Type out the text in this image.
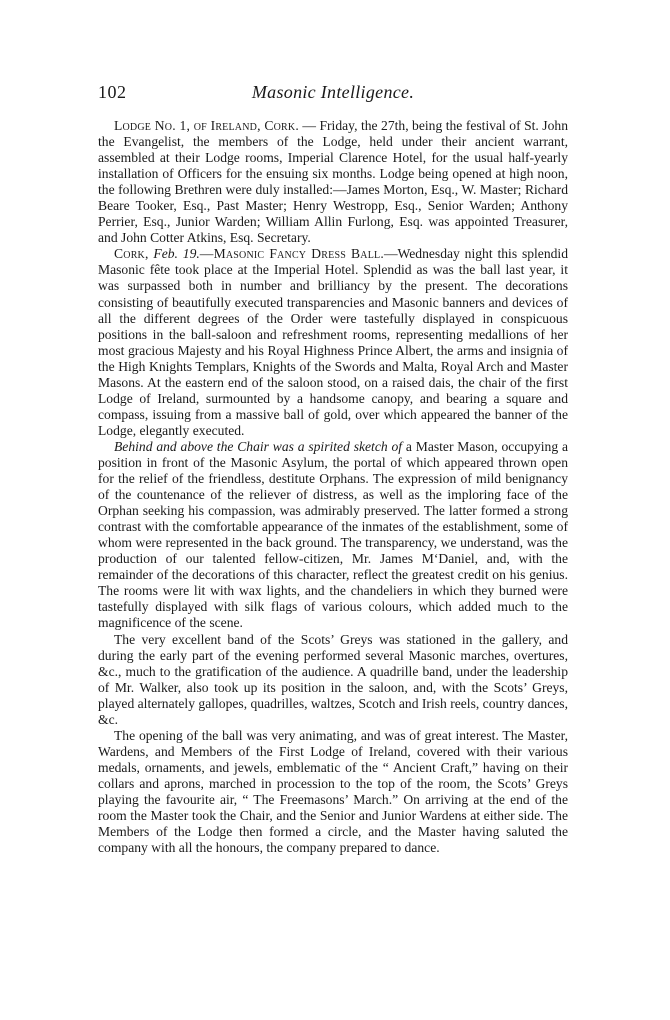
102	Masonic Intelligence.

Lodge No. 1, of Ireland, Cork. — Friday, the 27th, being the festival of St. John the Evangelist, the members of the Lodge, held under their ancient warrant, assembled at their Lodge rooms, Imperial Clarence Hotel, for the usual half-yearly installation of Officers for the ensuing six months. Lodge being opened at high noon, the following Brethren were duly installed:—James Morton, Esq., W. Master; Richard Beare Tooker, Esq., Past Master; Henry Westropp, Esq., Senior Warden; Anthony Perrier, Esq., Junior Warden; William Allin Furlong, Esq. was appointed Treasurer, and John Cotter Atkins, Esq. Secretary.

Cork, Feb. 19.—Masonic Fancy Dress Ball.—Wednesday night this splendid Masonic fête took place at the Imperial Hotel. Splendid as was the ball last year, it was surpassed both in number and brilliancy by the present. The decorations consisting of beautifully executed transparencies and Masonic banners and devices of all the different degrees of the Order were tastefully displayed in conspicuous positions in the ball-saloon and refreshment rooms, representing medallions of her most gracious Majesty and his Royal Highness Prince Albert, the arms and insignia of the High Knights Templars, Knights of the Swords and Malta, Royal Arch and Master Masons. At the eastern end of the saloon stood, on a raised dais, the chair of the first Lodge of Ireland, surmounted by a handsome canopy, and bearing a square and compass, issuing from a massive ball of gold, over which appeared the banner of the Lodge, elegantly executed.

Behind and above the Chair was a spirited sketch of a Master Mason, occupying a position in front of the Masonic Asylum, the portal of which appeared thrown open for the relief of the friendless, destitute Orphans. The expression of mild benignancy of the countenance of the reliever of distress, as well as the imploring face of the Orphan seeking his compassion, was admirably preserved. The latter formed a strong contrast with the comfortable appearance of the inmates of the establishment, some of whom were represented in the back ground. The transparency, we understand, was the production of our talented fellow-citizen, Mr. James M‘Daniel, and, with the remainder of the decorations of this character, reflect the greatest credit on his genius. The rooms were lit with wax lights, and the chandeliers in which they burned were tastefully displayed with silk flags of various colours, which added much to the magnificence of the scene.

The very excellent band of the Scots’ Greys was stationed in the gallery, and during the early part of the evening performed several Masonic marches, overtures, &c., much to the gratification of the audience. A quadrille band, under the leadership of Mr. Walker, also took up its position in the saloon, and, with the Scots’ Greys, played alternately gallopes, quadrilles, waltzes, Scotch and Irish reels, country dances, &c.

The opening of the ball was very animating, and was of great interest. The Master, Wardens, and Members of the First Lodge of Ireland, covered with their various medals, ornaments, and jewels, emblematic of the “ Ancient Craft,” having on their collars and aprons, marched in procession to the top of the room, the Scots’ Greys playing the favourite air, “ The Freemasons’ March.” On arriving at the end of the room the Master took the Chair, and the Senior and Junior Wardens at either side. The Members of the Lodge then formed a circle, and the Master having saluted the company with all the honours, the company prepared to dance.
